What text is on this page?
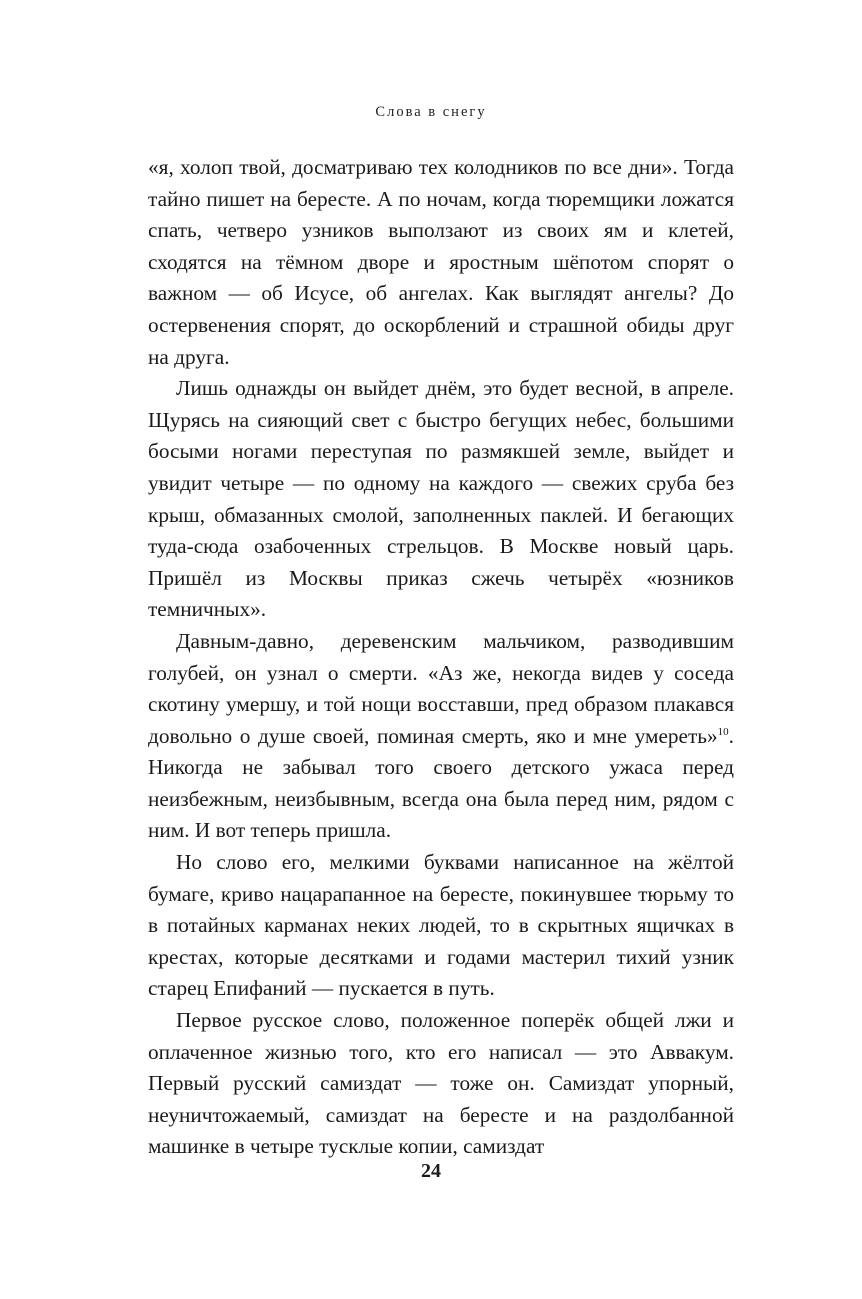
Слова в снегу

«я, холоп твой, досматриваю тех колодников по все дни». Тогда тайно пишет на бересте. А по ночам, когда тюремщики ложатся спать, четверо узников выползают из своих ям и клетей, сходятся на тёмном дворе и яростным шёпотом спорят о важном — об Исусе, об ангелах. Как выглядят ангелы? До остервенения спорят, до оскорблений и страшной обиды друг на друга.

Лишь однажды он выйдет днём, это будет весной, в апреле. Щурясь на сияющий свет с быстро бегущих небес, большими босыми ногами переступая по размякшей земле, выйдет и увидит четыре — по одному на каждого — свежих сруба без крыш, обмазанных смолой, заполненных паклей. И бегающих туда-сюда озабоченных стрельцов. В Москве новый царь. Пришёл из Москвы приказ сжечь четырёх «юзников темничных».

Давным-давно, деревенским мальчиком, разводившим голубей, он узнал о смерти. «Аз же, некогда видев у соседа скотину умершу, и той нощи восставши, пред образом плакався довольно о душе своей, поминая смерть, яко и мне умереть»$^{10}$. Никогда не забывал того своего детского ужаса перед неизбежным, неизбывным, всегда она была перед ним, рядом с ним. И вот теперь пришла.

Но слово его, мелкими буквами написанное на жёлтой бумаге, криво нацарапанное на бересте, покинувшее тюрьму то в потайных карманах неких людей, то в скрытных ящичках в крестах, которые десятками и годами мастерил тихий узник старец Епифаний — пускается в путь.

Первое русское слово, положенное поперёк общей лжи и оплаченное жизнью того, кто его написал — это Аввакум. Первый русский самиздат — тоже он. Самиздат упорный, неуничтожаемый, самиздат на бересте и на раздолбанной машинке в четыре тусклые копии, самиздат

24
